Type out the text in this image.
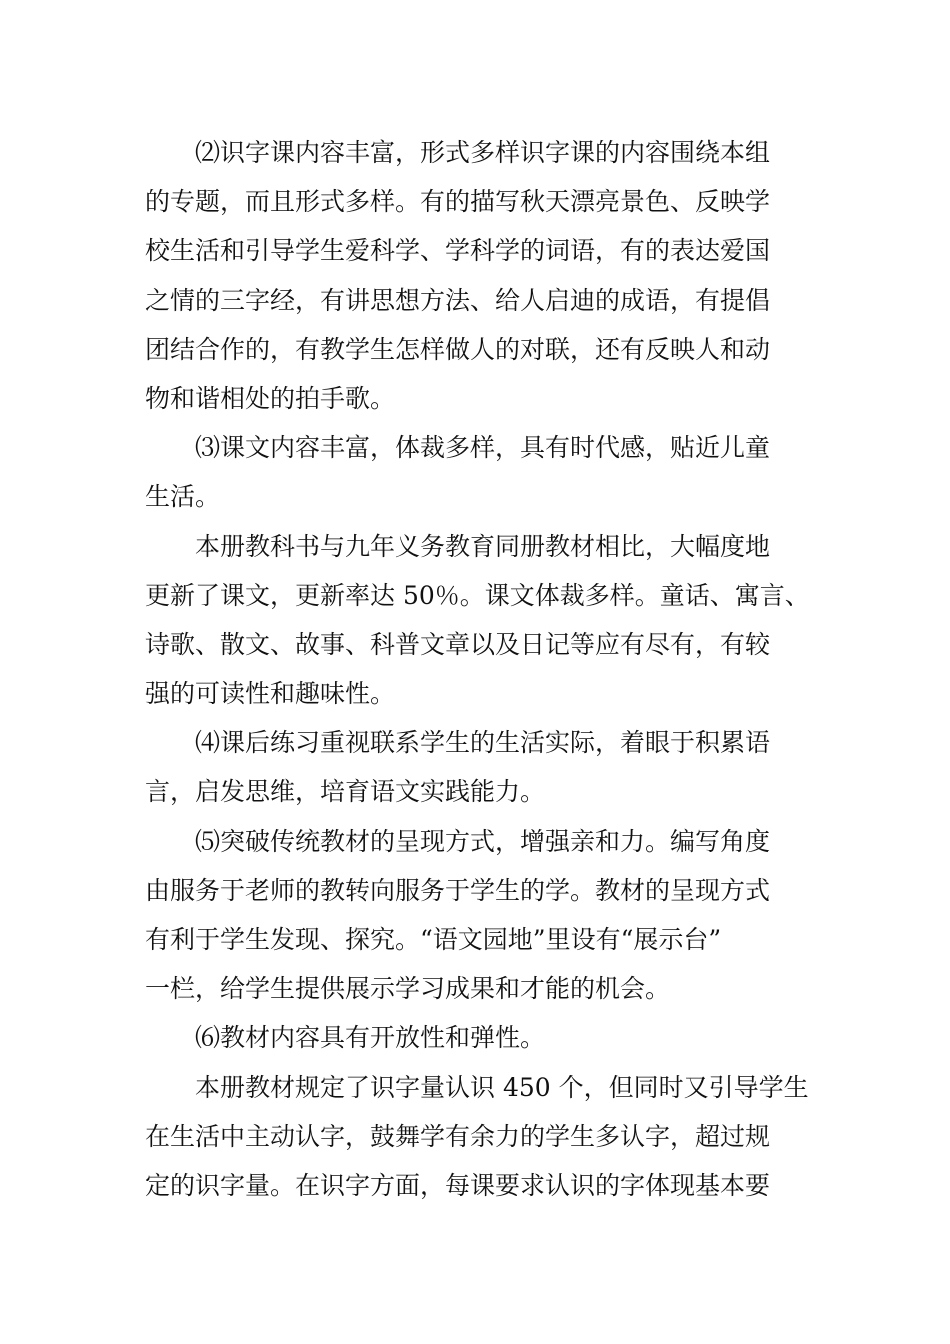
⑵识字课内容丰富，形式多样识字课的内容围绕本组
的专题，而且形式多样。有的描写秋天漂亮景色、反映学
校生活和引导学生爱科学、学科学的词语，有的表达爱国
之情的三字经，有讲思想方法、给人启迪的成语，有提倡
团结合作的，有教学生怎样做人的对联，还有反映人和动
物和谐相处的拍手歌。
⑶课文内容丰富，体裁多样，具有时代感，贴近儿童
生活。
本册教科书与九年义务教育同册教材相比，大幅度地
更新了课文，更新率达 50％。课文体裁多样。童话、寓言、
诗歌、散文、故事、科普文章以及日记等应有尽有，有较
强的可读性和趣味性。
⑷课后练习重视联系学生的生活实际，着眼于积累语
言，启发思维，培育语文实践能力。
⑸突破传统教材的呈现方式，增强亲和力。编写角度
由服务于老师的教转向服务于学生的学。教材的呈现方式
有利于学生发现、探究。“语文园地”里设有“展示台”
一栏，给学生提供展示学习成果和才能的机会。
⑹教材内容具有开放性和弹性。
本册教材规定了识字量认识 450 个，但同时又引导学生
在生活中主动认字，鼓舞学有余力的学生多认字，超过规
定的识字量。在识字方面，每课要求认识的字体现基本要
